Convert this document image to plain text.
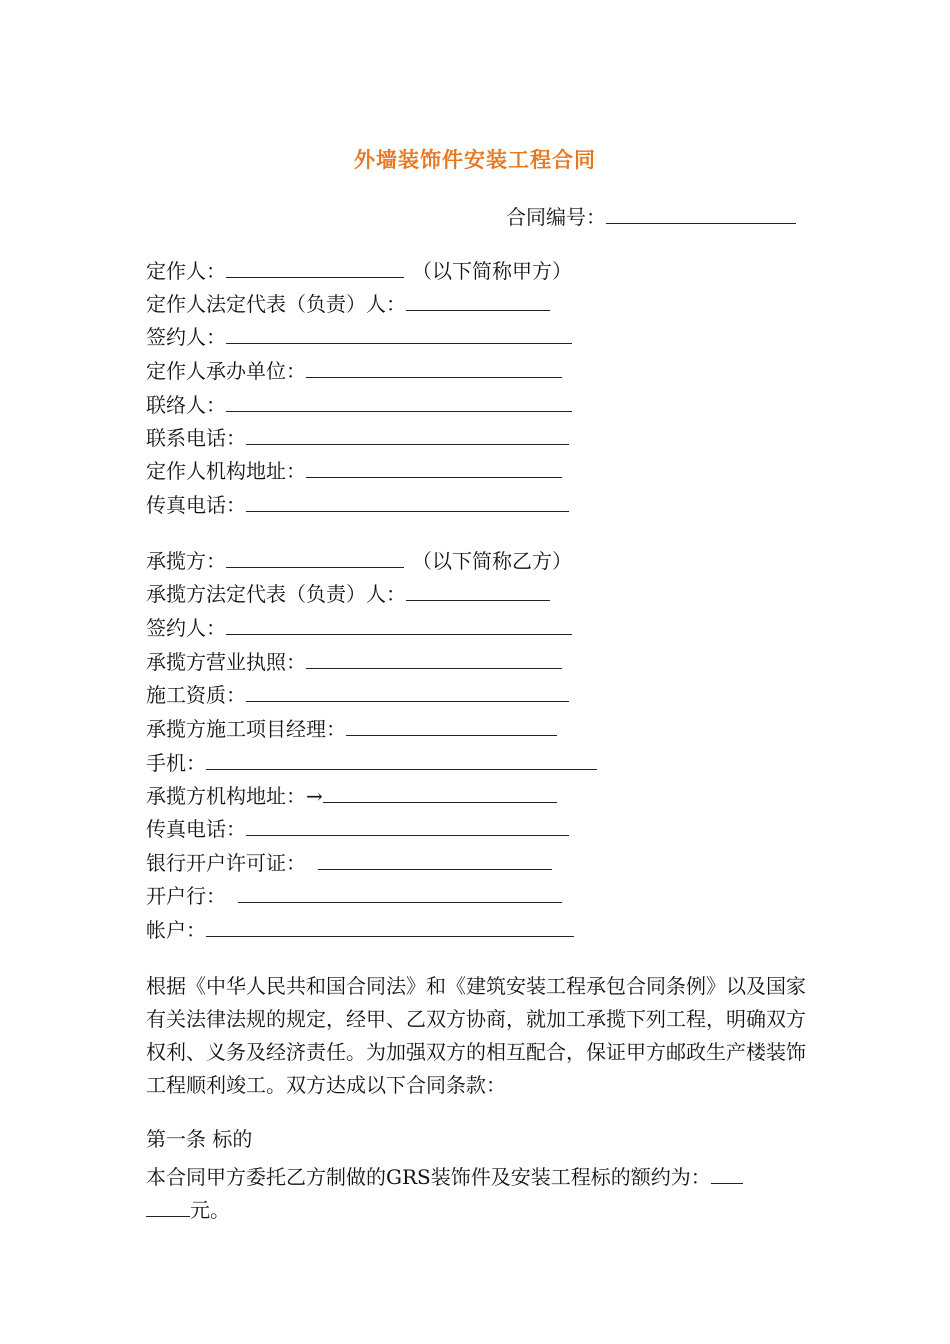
外墙装饰件安装工程合同
合同编号：
定作人：	（以下简称甲方）
定作人法定代表（负责）人：
签约人：
定作人承办单位：
联络人：
联系电话：
定作人机构地址：
传真电话：
承揽方：	（以下简称乙方）
承揽方法定代表（负责）人：
签约人：
承揽方营业执照：
施工资质：
承揽方施工项目经理：
手机：
承揽方机构地址：→
传真电话：
银行开户许可证：
开户行：
帐户：
根据《中华人民共和国合同法》和《建筑安装工程承包合同条例》以及国家有关法律法规的规定，经甲、乙双方协商，就加工承揽下列工程，明确双方权利、义务及经济责任。为加强双方的相互配合，保证甲方邮政生产楼装饰工程顺利竣工。双方达成以下合同条款：
第一条 标的
本合同甲方委托乙方制做的GRS装饰件及安装工程标的额约为：
元。
